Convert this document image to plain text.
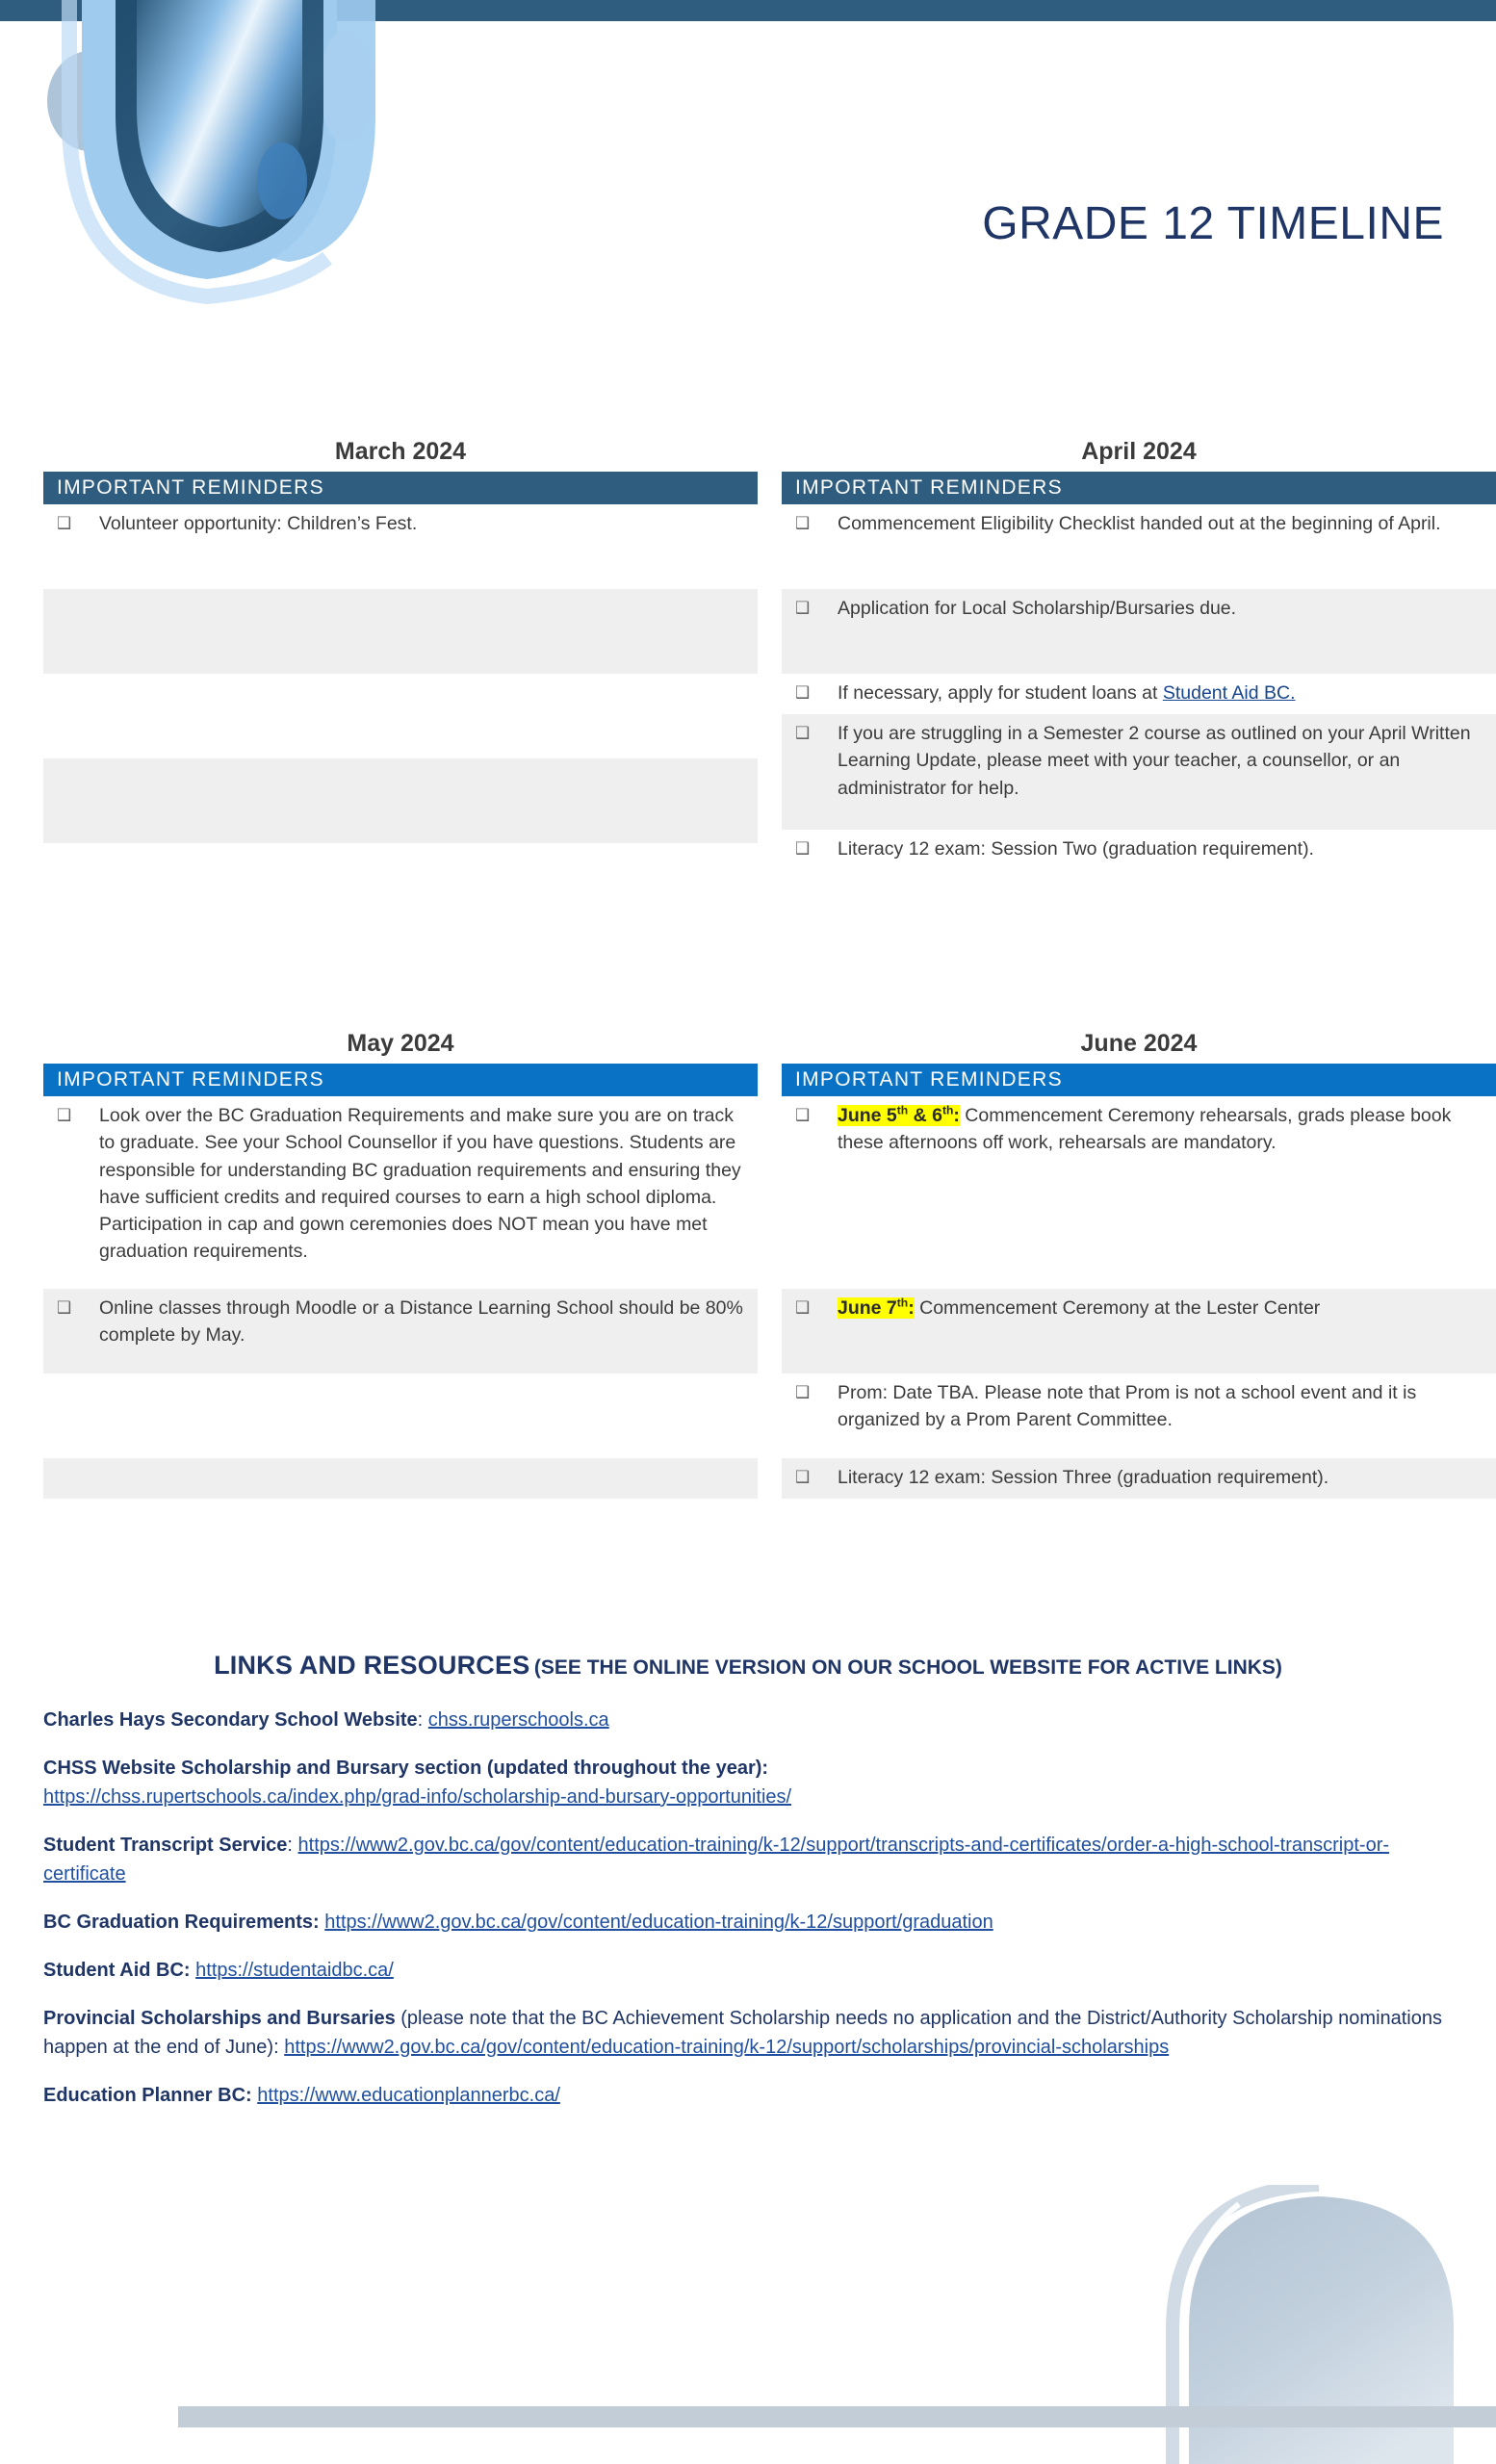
GRADE 12 TIMELINE
March 2024
IMPORTANT REMINDERS
❑
Volunteer opportunity: Children’s Fest.
April 2024
IMPORTANT REMINDERS
❑
Commencement Eligibility Checklist handed out at the beginning of April.
❑
Application for Local Scholarship/Bursaries due.
❑
If necessary, apply for student loans at Student Aid BC.
❑
If you are struggling in a Semester 2 course as outlined on your April Written Learning Update, please meet with your teacher, a counsellor, or an administrator for help.
❑
Literacy 12 exam: Session Two (graduation requirement).
May 2024
IMPORTANT REMINDERS
❑
Look over the BC Graduation Requirements and make sure you are on track to graduate. See your School Counsellor if you have questions. Students are responsible for understanding BC graduation requirements and ensuring they have sufficient credits and required courses to earn a high school diploma. Participation in cap and gown ceremonies does NOT mean you have met graduation requirements.
❑
Online classes through Moodle or a Distance Learning School should be 80% complete by May.
June 2024
IMPORTANT REMINDERS
❑
June 5th & 6th: Commencement Ceremony rehearsals, grads please book these afternoons off work, rehearsals are mandatory.
❑
June 7th: Commencement Ceremony at the Lester Center
❑
Prom: Date TBA. Please note that Prom is not a school event and it is organized by a Prom Parent Committee.
❑
Literacy 12 exam: Session Three (graduation requirement).
LINKS AND RESOURCES (SEE THE ONLINE VERSION ON OUR SCHOOL WEBSITE FOR ACTIVE LINKS)
Charles Hays Secondary School Website: chss.ruperschools.ca
CHSS Website Scholarship and Bursary section (updated throughout the year):
https://chss.rupertschools.ca/index.php/grad-info/scholarship-and-bursary-opportunities/
Student Transcript Service: https://www2.gov.bc.ca/gov/content/education-training/k-12/support/transcripts-and-certificates/order-a-high-school-transcript-or-certificate
BC Graduation Requirements: https://www2.gov.bc.ca/gov/content/education-training/k-12/support/graduation
Student Aid BC: https://studentaidbc.ca/
Provincial Scholarships and Bursaries (please note that the BC Achievement Scholarship needs no application and the District/Authority Scholarship nominations happen at the end of June): https://www2.gov.bc.ca/gov/content/education-training/k-12/support/scholarships/provincial-scholarships
Education Planner BC: https://www.educationplannerbc.ca/
